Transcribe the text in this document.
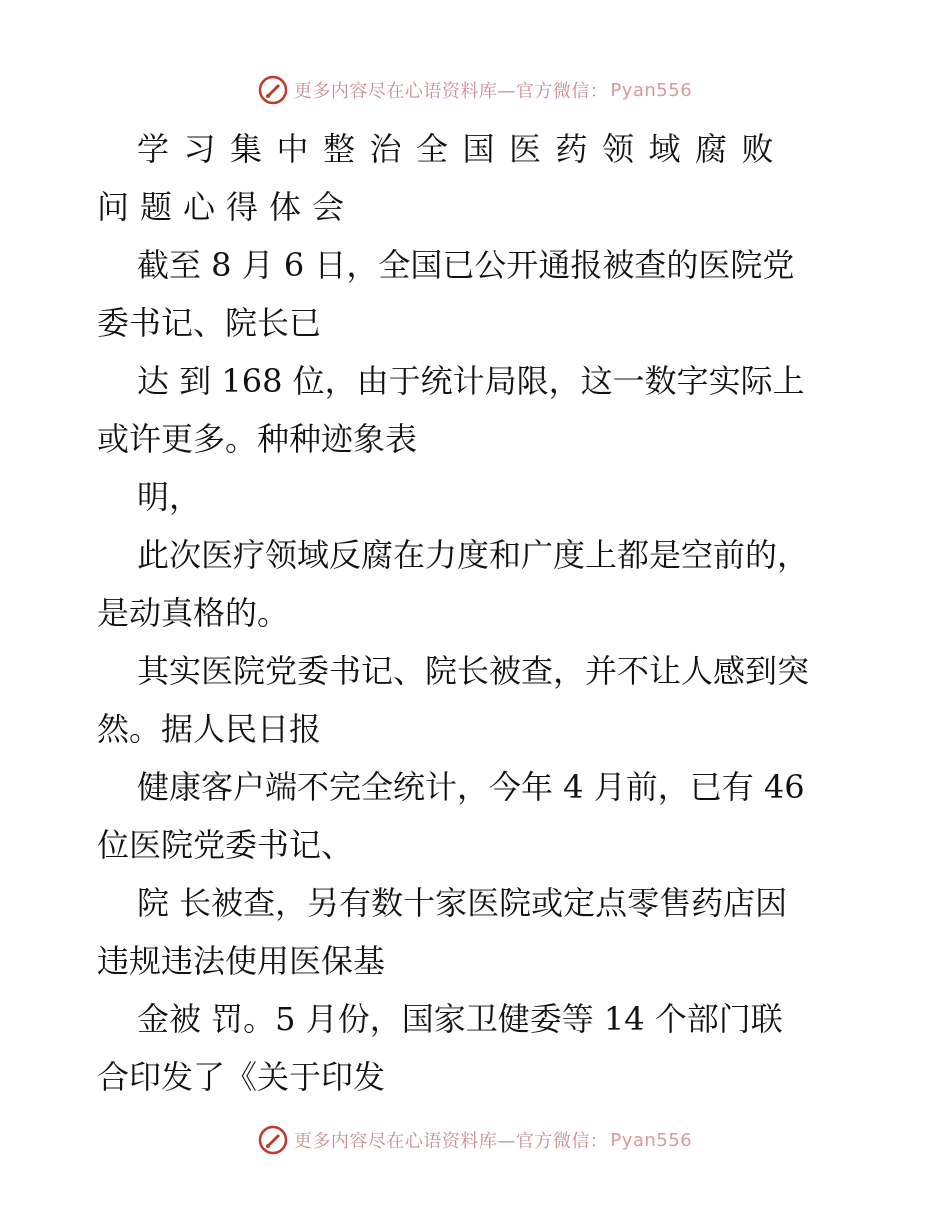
更多内容尽在心语资料库—官方微信： Pyan556
学习集中整治全国医药领域腐败
问题心得体会
截至 8 月 6 日，全国已公开通报被查的医院党
委书记、院长已
达 到 168 位，由于统计局限，这一数字实际上
或许更多。种种迹象表
明，
此次医疗领域反腐在力度和广度上都是空前的，
是动真格的。
其实医院党委书记、院长被查，并不让人感到突
然。据人民日报
健康客户端不完全统计，今年 4 月前，已有 46
位医院党委书记、
院 长被查，另有数十家医院或定点零售药店因
违规违法使用医保基
金被 罚。5 月份，国家卫健委等 14 个部门联
合印发了《关于印发
更多内容尽在心语资料库—官方微信： Pyan556
